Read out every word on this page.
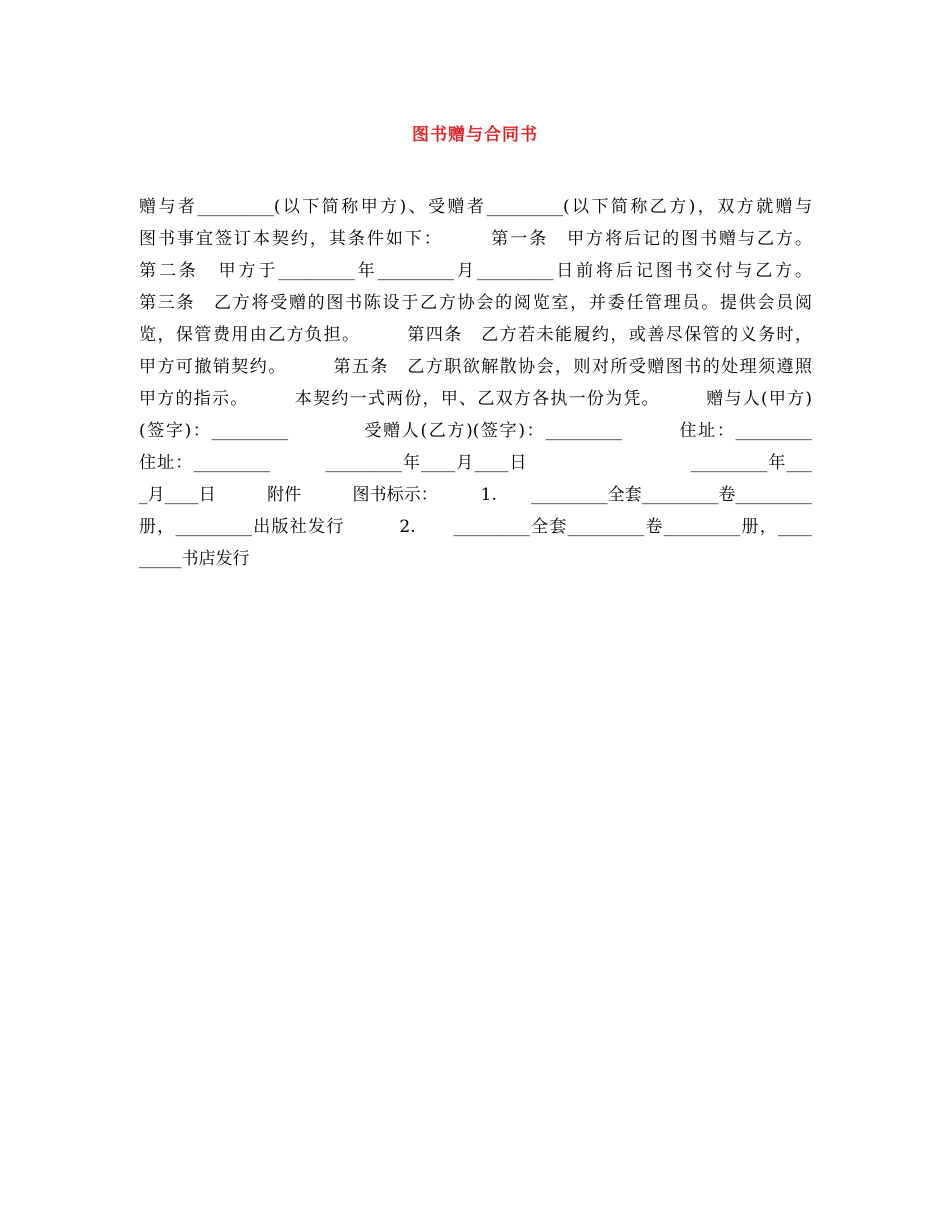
图书赠与合同书
赠与者_________(以下简称甲方)、受赠者_________(以下简称乙方)，双方就赠与
图书事宜签订本契约，其条件如下：　　　第一条　甲方将后记的图书赠与乙方。
第二条　甲方于_________年_________月_________日前将后记图书交付与乙方。
第三条　乙方将受赠的图书陈设于乙方协会的阅览室，并委任管理员。提供会员阅
览，保管费用由乙方负担。　　　第四条　乙方若未能履约，或善尽保管的义务时，
甲方可撤销契约。　　　第五条　乙方职欲解散协会，则对所受赠图书的处理须遵照
甲方的指示。　　　本契约一式两份，甲、乙双方各执一份为凭。　　　赠与人(甲方)
(签字)：_________　　　　受赠人(乙方)(签字)：_________　　　住址：_________
住址：_________　　　_________年____月____日　　　　　　　　　_________年___
_月____日　　　附件　　　图书标示：　　　1.　　_________全套_________卷_________
册，_________出版社发行　　　2.　　_________全套_________卷_________册，____
_____书店发行
